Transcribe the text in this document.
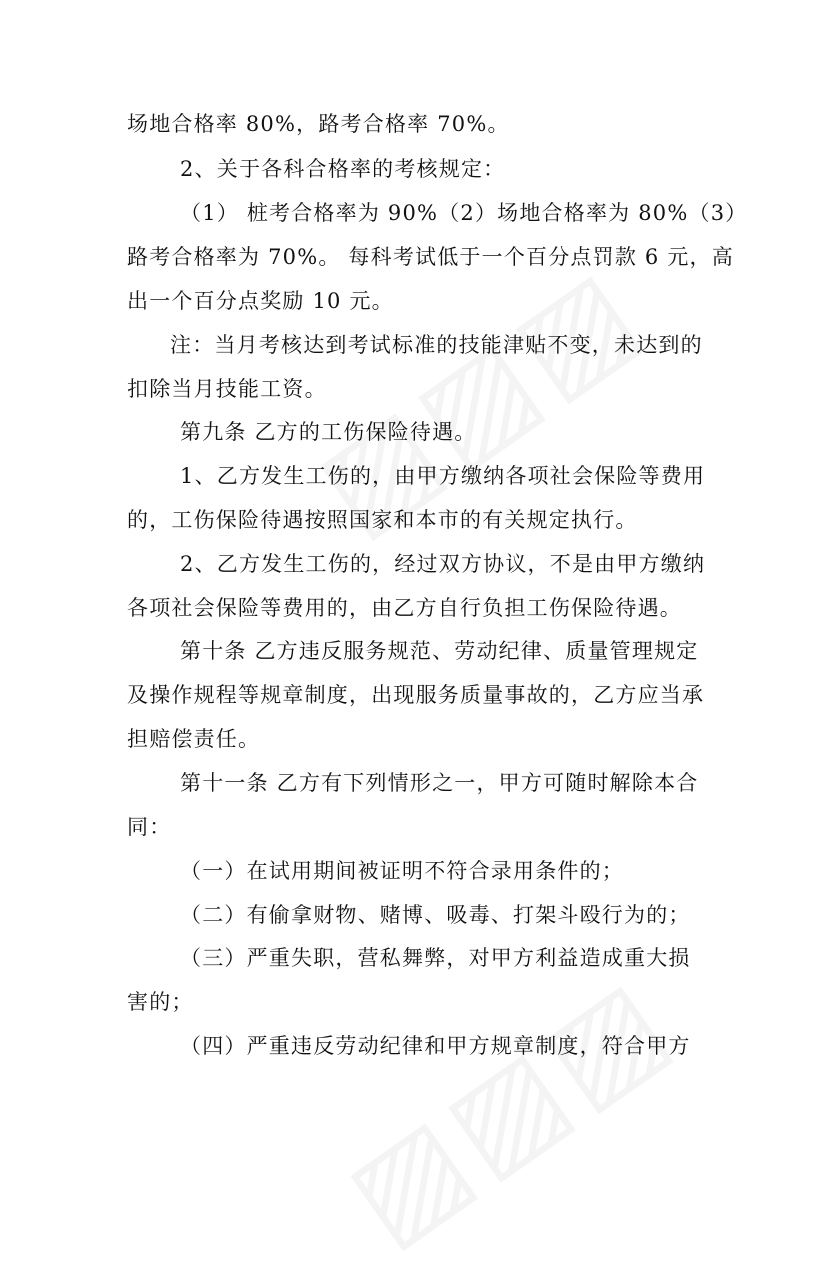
场地合格率 80%，路考合格率 70%。
2、关于各科合格率的考核规定：
（1） 桩考合格率为 90%（2）场地合格率为 80%（3）
路考合格率为 70%。 每科考试低于一个百分点罚款 6 元，高
出一个百分点奖励 10 元。
注：当月考核达到考试标准的技能津贴不变，未达到的
扣除当月技能工资。
第九条 乙方的工伤保险待遇。
1、乙方发生工伤的，由甲方缴纳各项社会保险等费用
的，工伤保险待遇按照国家和本市的有关规定执行。
2、乙方发生工伤的，经过双方协议，不是由甲方缴纳
各项社会保险等费用的，由乙方自行负担工伤保险待遇。
第十条 乙方违反服务规范、劳动纪律、质量管理规定
及操作规程等规章制度，出现服务质量事故的，乙方应当承
担赔偿责任。
第十一条 乙方有下列情形之一，甲方可随时解除本合
同：
（一）在试用期间被证明不符合录用条件的；
（二）有偷拿财物、赌博、吸毒、打架斗殴行为的；
（三）严重失职，营私舞弊，对甲方利益造成重大损
害的；
（四）严重违反劳动纪律和甲方规章制度，符合甲方
